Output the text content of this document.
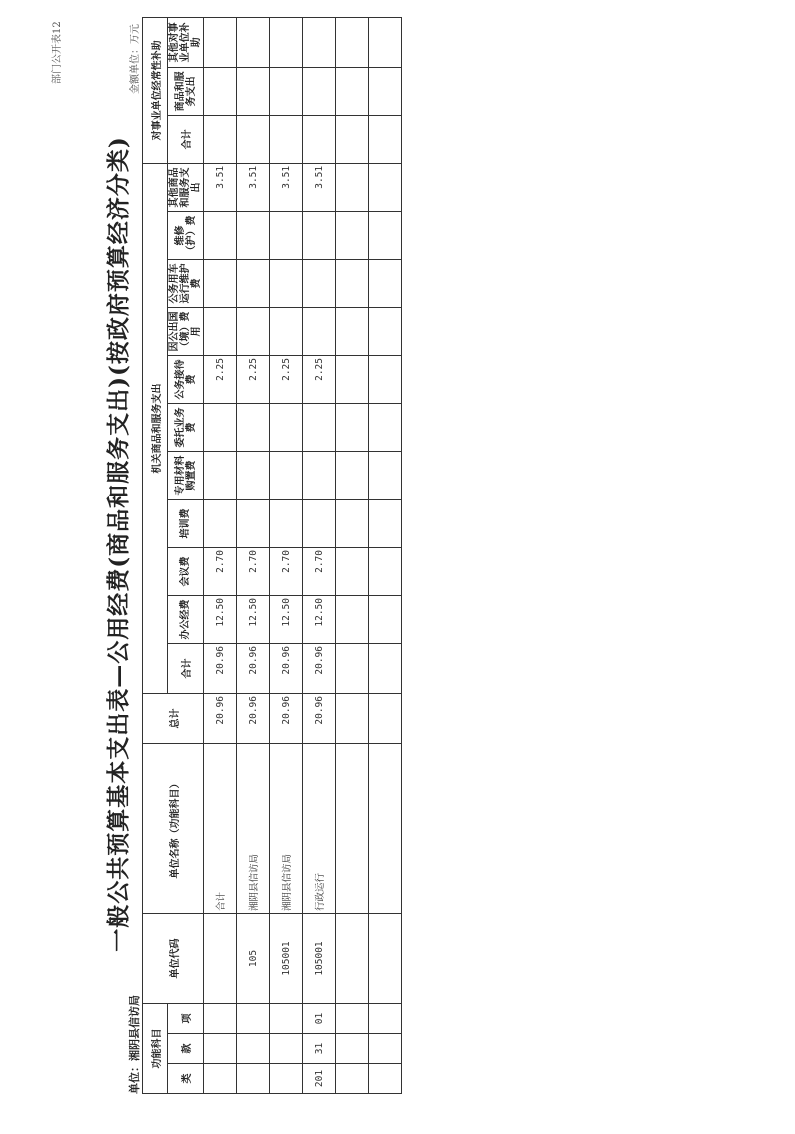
部门公开表12
一般公共预算基本支出表—公用经费(商品和服务支出)(按政府预算经济分类)
单位：湘阴县信访局
金额单位：万元
功能科目			单位代码	单位名称（功能科目）	总计	机关商品和服务支出											对事业单位经常性补助		
类	款	项				合计	办公经费	会议费	培训费	专用材料购置费	委托业务费	公务接待费	因公出国（境）费用	公务用车运行维护费	维修（护）费	其他商品和服务支出	合计	商品和服务支出	其他对事业单位补助

				合计	20.96	20.96	12.50	2.70				2.25				3.51			
			105	湘阴县信访局	20.96	20.96	12.50	2.70				2.25				3.51			
			105001	湘阴县信访局	20.96	20.96	12.50	2.70				2.25				3.51			
201	31	01	105001	行政运行	20.96	20.96	12.50	2.70				2.25				3.51			
